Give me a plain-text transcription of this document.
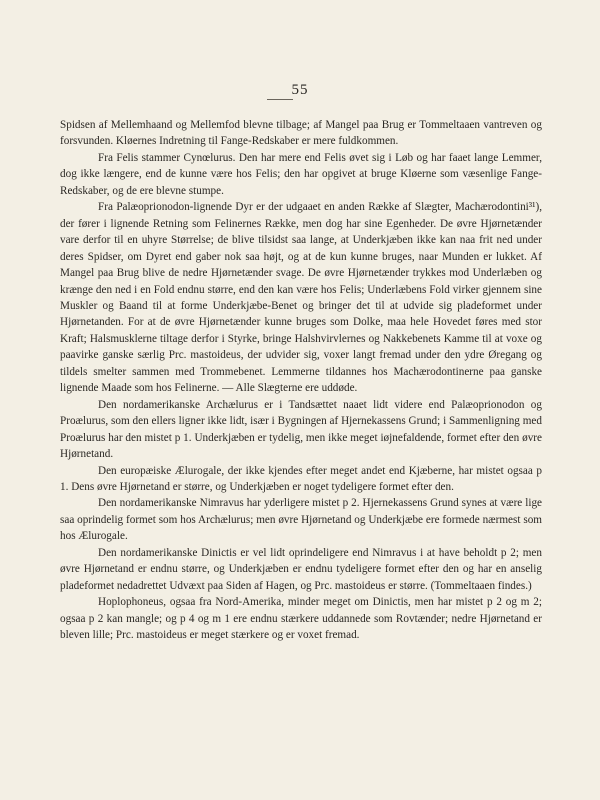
55

Spidsen af Mellemhaand og Mellemfod blevne tilbage; af Mangel paa Brug er Tommeltaaen vantreven og forsvunden. Kløernes Indretning til Fange-Redskaber er mere fuldkommen.

Fra Felis stammer Cynœlurus. Den har mere end Felis øvet sig i Løb og har faaet lange Lemmer, dog ikke længere, end de kunne være hos Felis; den har opgivet at bruge Kløerne som væsenlige Fange-Redskaber, og de ere blevne stumpe.

Fra Palæoprionodon-lignende Dyr er der udgaaet en anden Række af Slægter, Machærodontini³¹), der fører i lignende Retning som Felinernes Række, men dog har sine Egenheder. De øvre Hjørnetænder vare derfor til en uhyre Størrelse; de blive tilsidst saa lange, at Underkjæben ikke kan naa frit ned under deres Spidser, om Dyret end gaber nok saa højt, og at de kun kunne bruges, naar Munden er lukket. Af Mangel paa Brug blive de nedre Hjørnetænder svage. De øvre Hjørnetænder trykkes mod Underlæben og krænge den ned i en Fold endnu større, end den kan være hos Felis; Underlæbens Fold virker gjennem sine Muskler og Baand til at forme Underkjæbe-Benet og bringer det til at udvide sig pladeformet under Hjørnetanden. For at de øvre Hjørnetænder kunne bruges som Dolke, maa hele Hovedet føres med stor Kraft; Halsmusklerne tiltage derfor i Styrke, bringe Halshvirvlernes og Nakkebenets Kamme til at voxe og paavirke ganske særlig Prc. mastoideus, der udvider sig, voxer langt fremad under den ydre Øregang og tildels smelter sammen med Trommebenet. Lemmerne tildannes hos Machærodontinerne paa ganske lignende Maade som hos Felinerne. — Alle Slægterne ere uddøde.

Den nordamerikanske Archælurus er i Tandsættet naaet lidt videre end Palæoprionodon og Proælurus, som den ellers ligner ikke lidt, især i Bygningen af Hjernekassens Grund; i Sammenligning med Proælurus har den mistet p 1. Underkjæben er tydelig, men ikke meget iøjnefaldende, formet efter den øvre Hjørnetand.

Den europæiske Ælurogale, der ikke kjendes efter meget andet end Kjæberne, har mistet ogsaa p 1. Dens øvre Hjørnetand er større, og Underkjæben er noget tydeligere formet efter den.

Den nordamerikanske Nimravus har yderligere mistet p 2. Hjernekassens Grund synes at være lige saa oprindelig formet som hos Archælurus; men øvre Hjørnetand og Underkjæbe ere formede nærmest som hos Ælurogale.

Den nordamerikanske Dinictis er vel lidt oprindeligere end Nimravus i at have beholdt p 2; men øvre Hjørnetand er endnu større, og Underkjæben er endnu tydeligere formet efter den og har en anselig pladeformet nedadrettet Udvæxt paa Siden af Hagen, og Prc. mastoideus er større. (Tommeltaaen findes.)

Hoplophoneus, ogsaa fra Nord-Amerika, minder meget om Dinictis, men har mistet p 2 og m 2; ogsaa p 2 kan mangle; og p 4 og m 1 ere endnu stærkere uddannede som Rovtænder; nedre Hjørnetand er bleven lille; Prc. mastoideus er meget stærkere og er voxet fremad.
